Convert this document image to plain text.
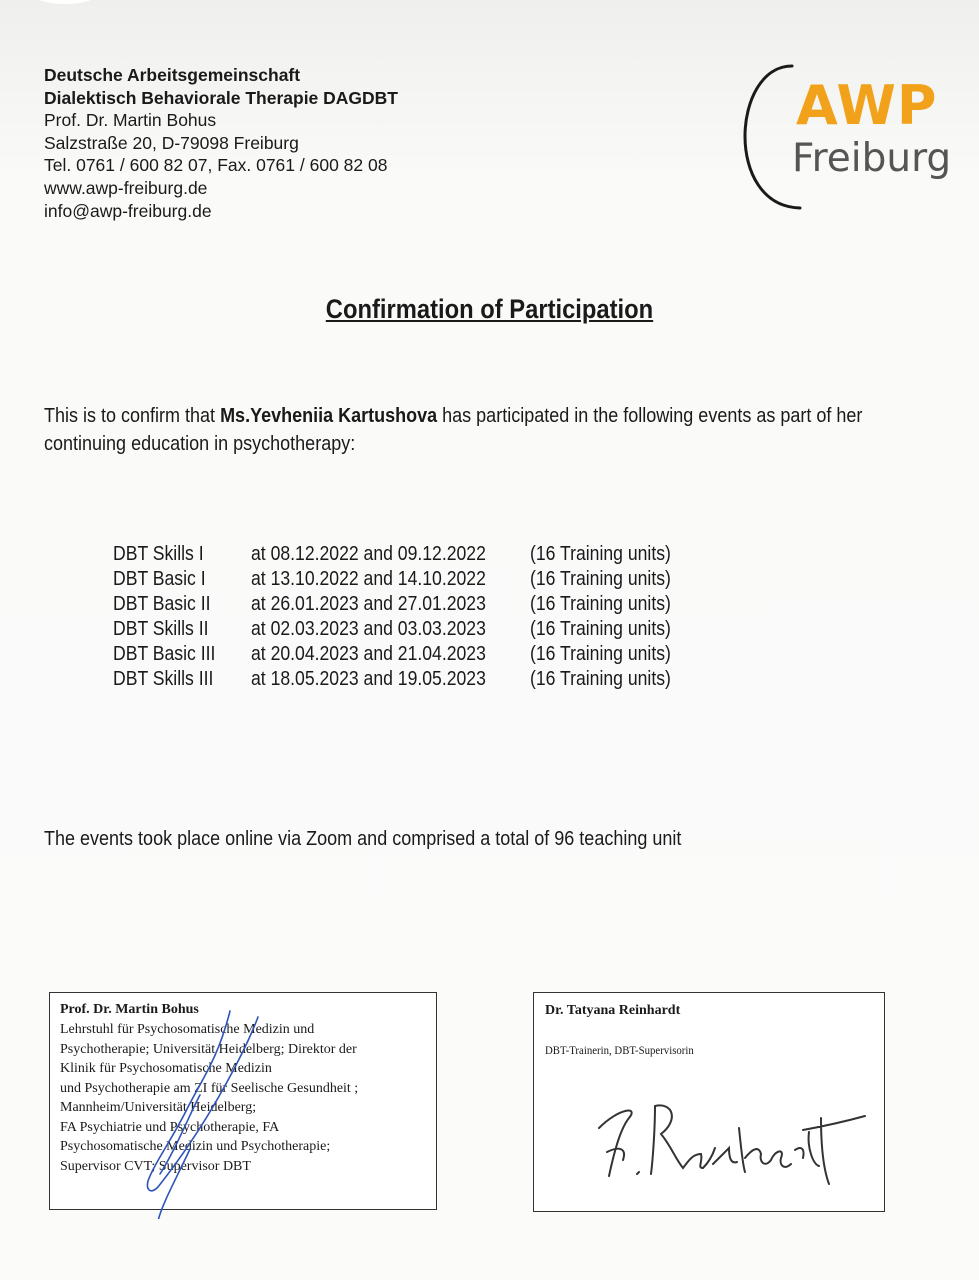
Deutsche Arbeitsgemeinschaft
Dialektisch Behaviorale Therapie DAGDBT
Prof. Dr. Martin Bohus
Salzstraße 20, D-79098 Freiburg
Tel. 0761 / 600 82 07, Fax. 0761 / 600 82 08
www.awp-freiburg.de
info@awp-freiburg.de
AWP
Freiburg
Confirmation of Participation
This is to confirm that Ms.Yevheniia Kartushova has participated in the following events as part of her
continuing education in psychotherapy:
DBT Skills I at 08.12.2022 and 09.12.2022 (16 Training units)
DBT Basic I at 13.10.2022 and 14.10.2022 (16 Training units)
DBT Basic II at 26.01.2023 and 27.01.2023 (16 Training units)
DBT Skills II at 02.03.2023 and 03.03.2023 (16 Training units)
DBT Basic III at 20.04.2023 and 21.04.2023 (16 Training units)
DBT Skills III at 18.05.2023 and 19.05.2023 (16 Training units)
The events took place online via Zoom and comprised a total of 96 teaching unit
Prof. Dr. Martin Bohus
Lehrstuhl für Psychosomatische Medizin und
Psychotherapie; Universität Heidelberg; Direktor der
Klinik für Psychosomatische Medizin
und Psychotherapie am ZI für Seelische Gesundheit ;
Mannheim/Universität Heidelberg;
FA Psychiatrie und Psychotherapie, FA
Psychosomatische Medizin und Psychotherapie;
Supervisor CVT; Supervisor DBT
Dr. Tatyana Reinhardt
DBT-Trainerin, DBT-Supervisorin
